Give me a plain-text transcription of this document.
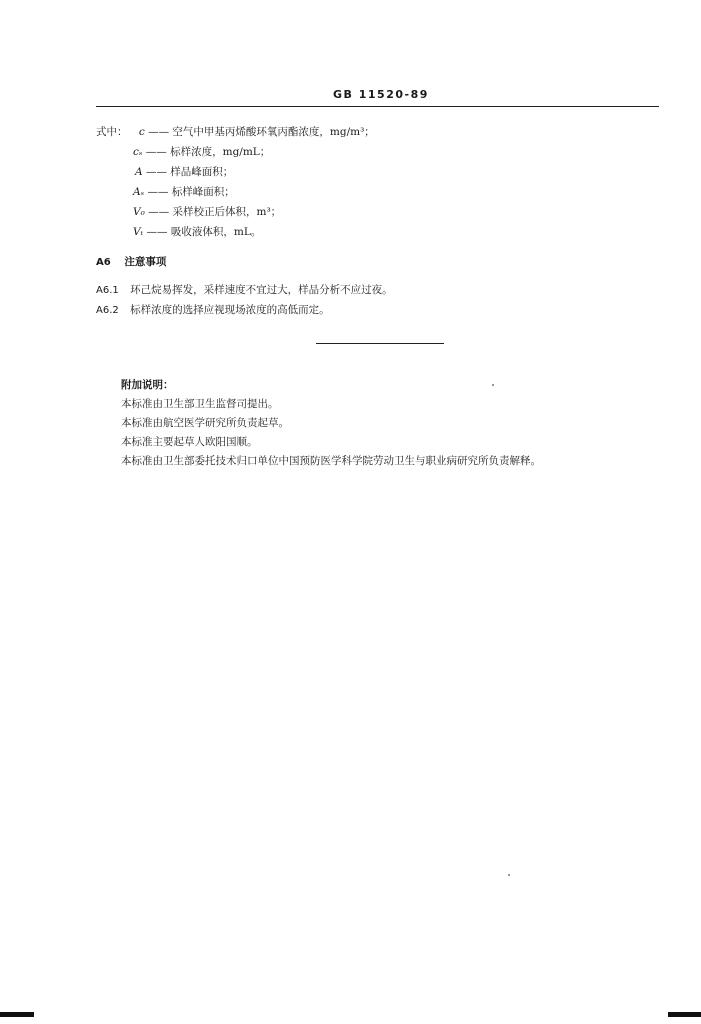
GB 11520-89
式中： c —— 空气中甲基丙烯酸环氧丙酯浓度，mg/m³；
cₛ —— 标样浓度，mg/mL；
A —— 样品峰面积；
Aₛ —— 标样峰面积；
V₀ —— 采样校正后体积，m³；
Vₜ —— 吸收液体积，mL。
A6 注意事项
A6.1 环己烷易挥发，采样速度不宜过大，样品分析不应过夜。
A6.2 标样浓度的选择应视现场浓度的高低而定。
附加说明：
本标准由卫生部卫生监督司提出。
本标准由航空医学研究所负责起草。
本标准主要起草人欧阳国顺。
本标准由卫生部委托技术归口单位中国预防医学科学院劳动卫生与职业病研究所负责解释。
